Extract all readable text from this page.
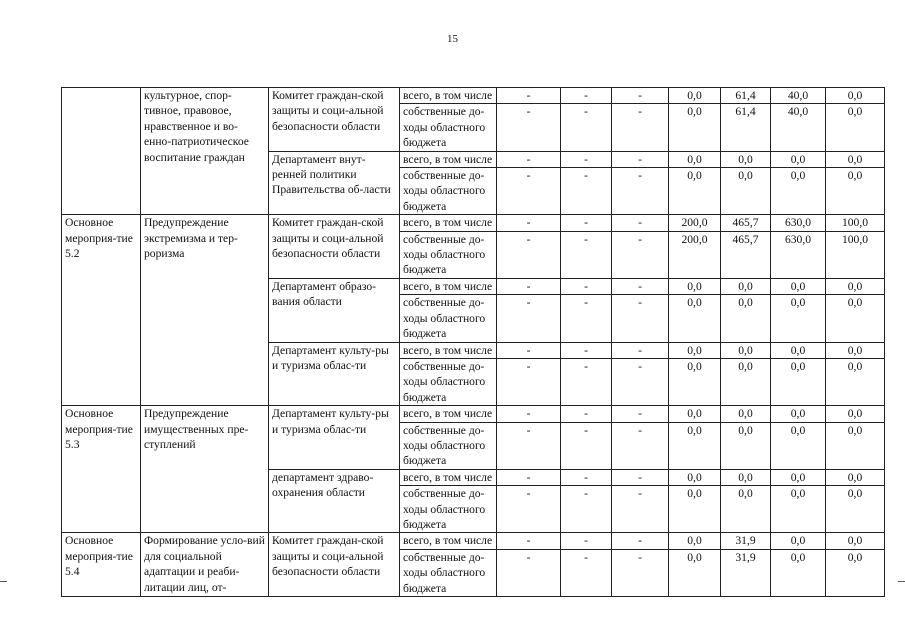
15
	культурное, спор-тивное, правовое, нравственное и во-енно-патриотическое воспитание граждан	Комитет граждан-ской защиты и соци-альной безопасности области	всего, в том числе	-	-	-	0,0	61,4	40,0	0,0
			собственные до-ходы областного бюджета	-	-	-	0,0	61,4	40,0	0,0
		Департамент внут-ренней политики Правительства об-ласти	всего, в том числе	-	-	-	0,0	0,0	0,0	0,0
			собственные до-ходы областного бюджета	-	-	-	0,0	0,0	0,0	0,0
Основное мероприя-тие 5.2	Предупреждение экстремизма и тер-роризма	Комитет граждан-ской защиты и соци-альной безопасности области	всего, в том числе	-	-	-	200,0	465,7	630,0	100,0
			собственные до-ходы областного бюджета	-	-	-	200,0	465,7	630,0	100,0
		Департамент образо-вания области	всего, в том числе	-	-	-	0,0	0,0	0,0	0,0
			собственные до-ходы областного бюджета	-	-	-	0,0	0,0	0,0	0,0
		Департамент культу-ры и туризма облас-ти	всего, в том числе	-	-	-	0,0	0,0	0,0	0,0
			собственные до-ходы областного бюджета	-	-	-	0,0	0,0	0,0	0,0
Основное мероприя-тие 5.3	Предупреждение имущественных пре-ступлений	Департамент культу-ры и туризма облас-ти	всего, в том числе	-	-	-	0,0	0,0	0,0	0,0
			собственные до-ходы областного бюджета	-	-	-	0,0	0,0	0,0	0,0
		департамент здраво-охранения области	всего, в том числе	-	-	-	0,0	0,0	0,0	0,0
			собственные до-ходы областного бюджета	-	-	-	0,0	0,0	0,0	0,0
Основное мероприя-тие 5.4	Формирование усло-вий для социальной адаптации и реаби-литации лиц, от-	Комитет граждан-ской защиты и соци-альной безопасности области	всего, в том числе	-	-	-	0,0	31,9	0,0	0,0
			собственные до-ходы областного бюджета	-	-	-	0,0	31,9	0,0	0,0
